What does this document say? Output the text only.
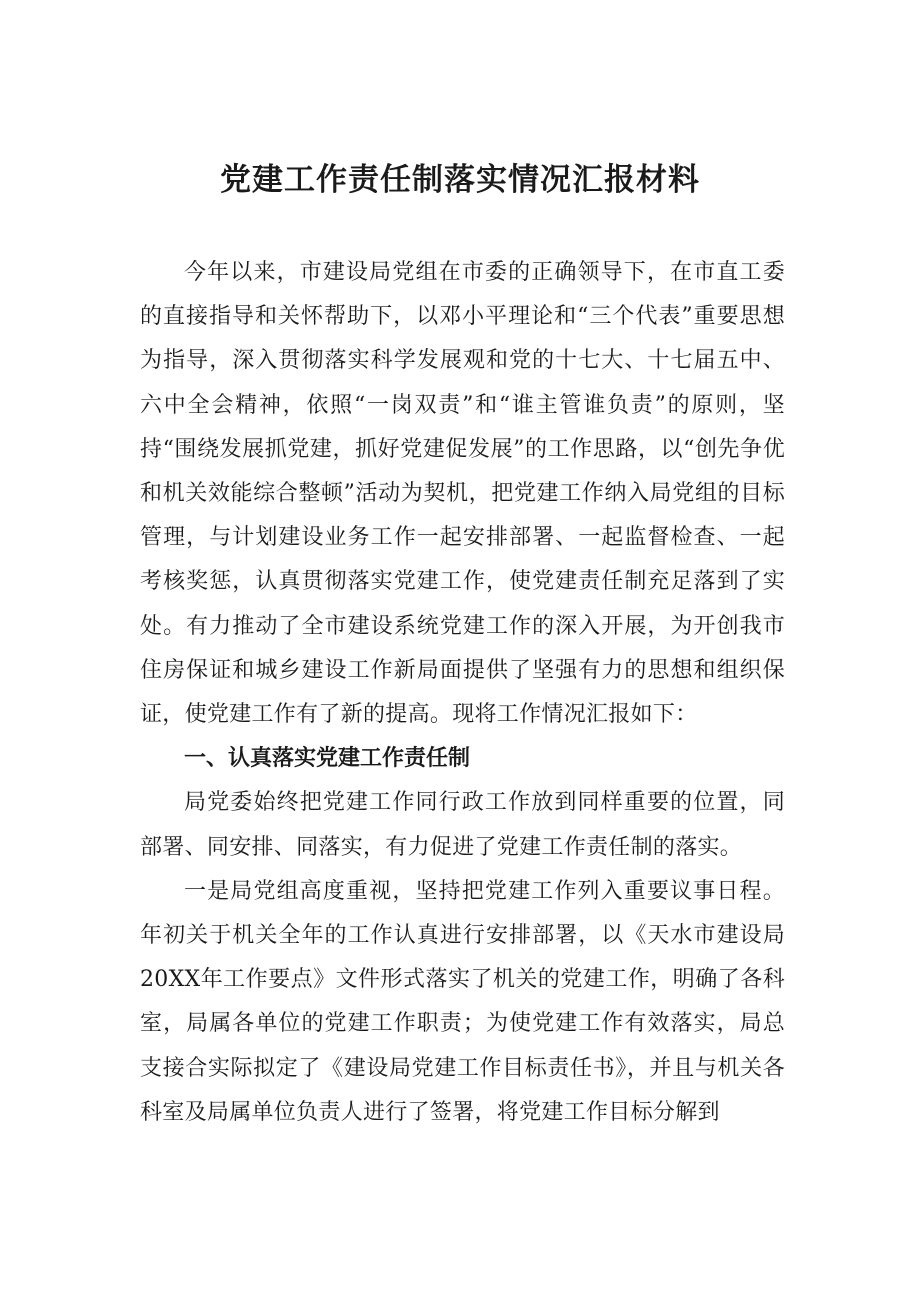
党建工作责任制落实情况汇报材料

今年以来，市建设局党组在市委的正确领导下，在市直工委的直接指导和关怀帮助下，以邓小平理论和“三个代表”重要思想为指导，深入贯彻落实科学发展观和党的十七大、十七届五中、六中全会精神，依照“一岗双责”和“谁主管谁负责”的原则，坚持“围绕发展抓党建，抓好党建促发展”的工作思路，以“创先争优和机关效能综合整顿”活动为契机，把党建工作纳入局党组的目标管理，与计划建设业务工作一起安排部署、一起监督检查、一起考核奖惩，认真贯彻落实党建工作，使党建责任制充足落到了实处。有力推动了全市建设系统党建工作的深入开展，为开创我市住房保证和城乡建设工作新局面提供了坚强有力的思想和组织保证，使党建工作有了新的提高。现将工作情况汇报如下：

一、认真落实党建工作责任制

局党委始终把党建工作同行政工作放到同样重要的位置，同部署、同安排、同落实，有力促进了党建工作责任制的落实。

一是局党组高度重视，坚持把党建工作列入重要议事日程。年初关于机关全年的工作认真进行安排部署，以《天水市建设局20XX年工作要点》文件形式落实了机关的党建工作，明确了各科室，局属各单位的党建工作职责；为使党建工作有效落实，局总支接合实际拟定了《建设局党建工作目标责任书》，并且与机关各科室及局属单位负责人进行了签署，将党建工作目标分解到
